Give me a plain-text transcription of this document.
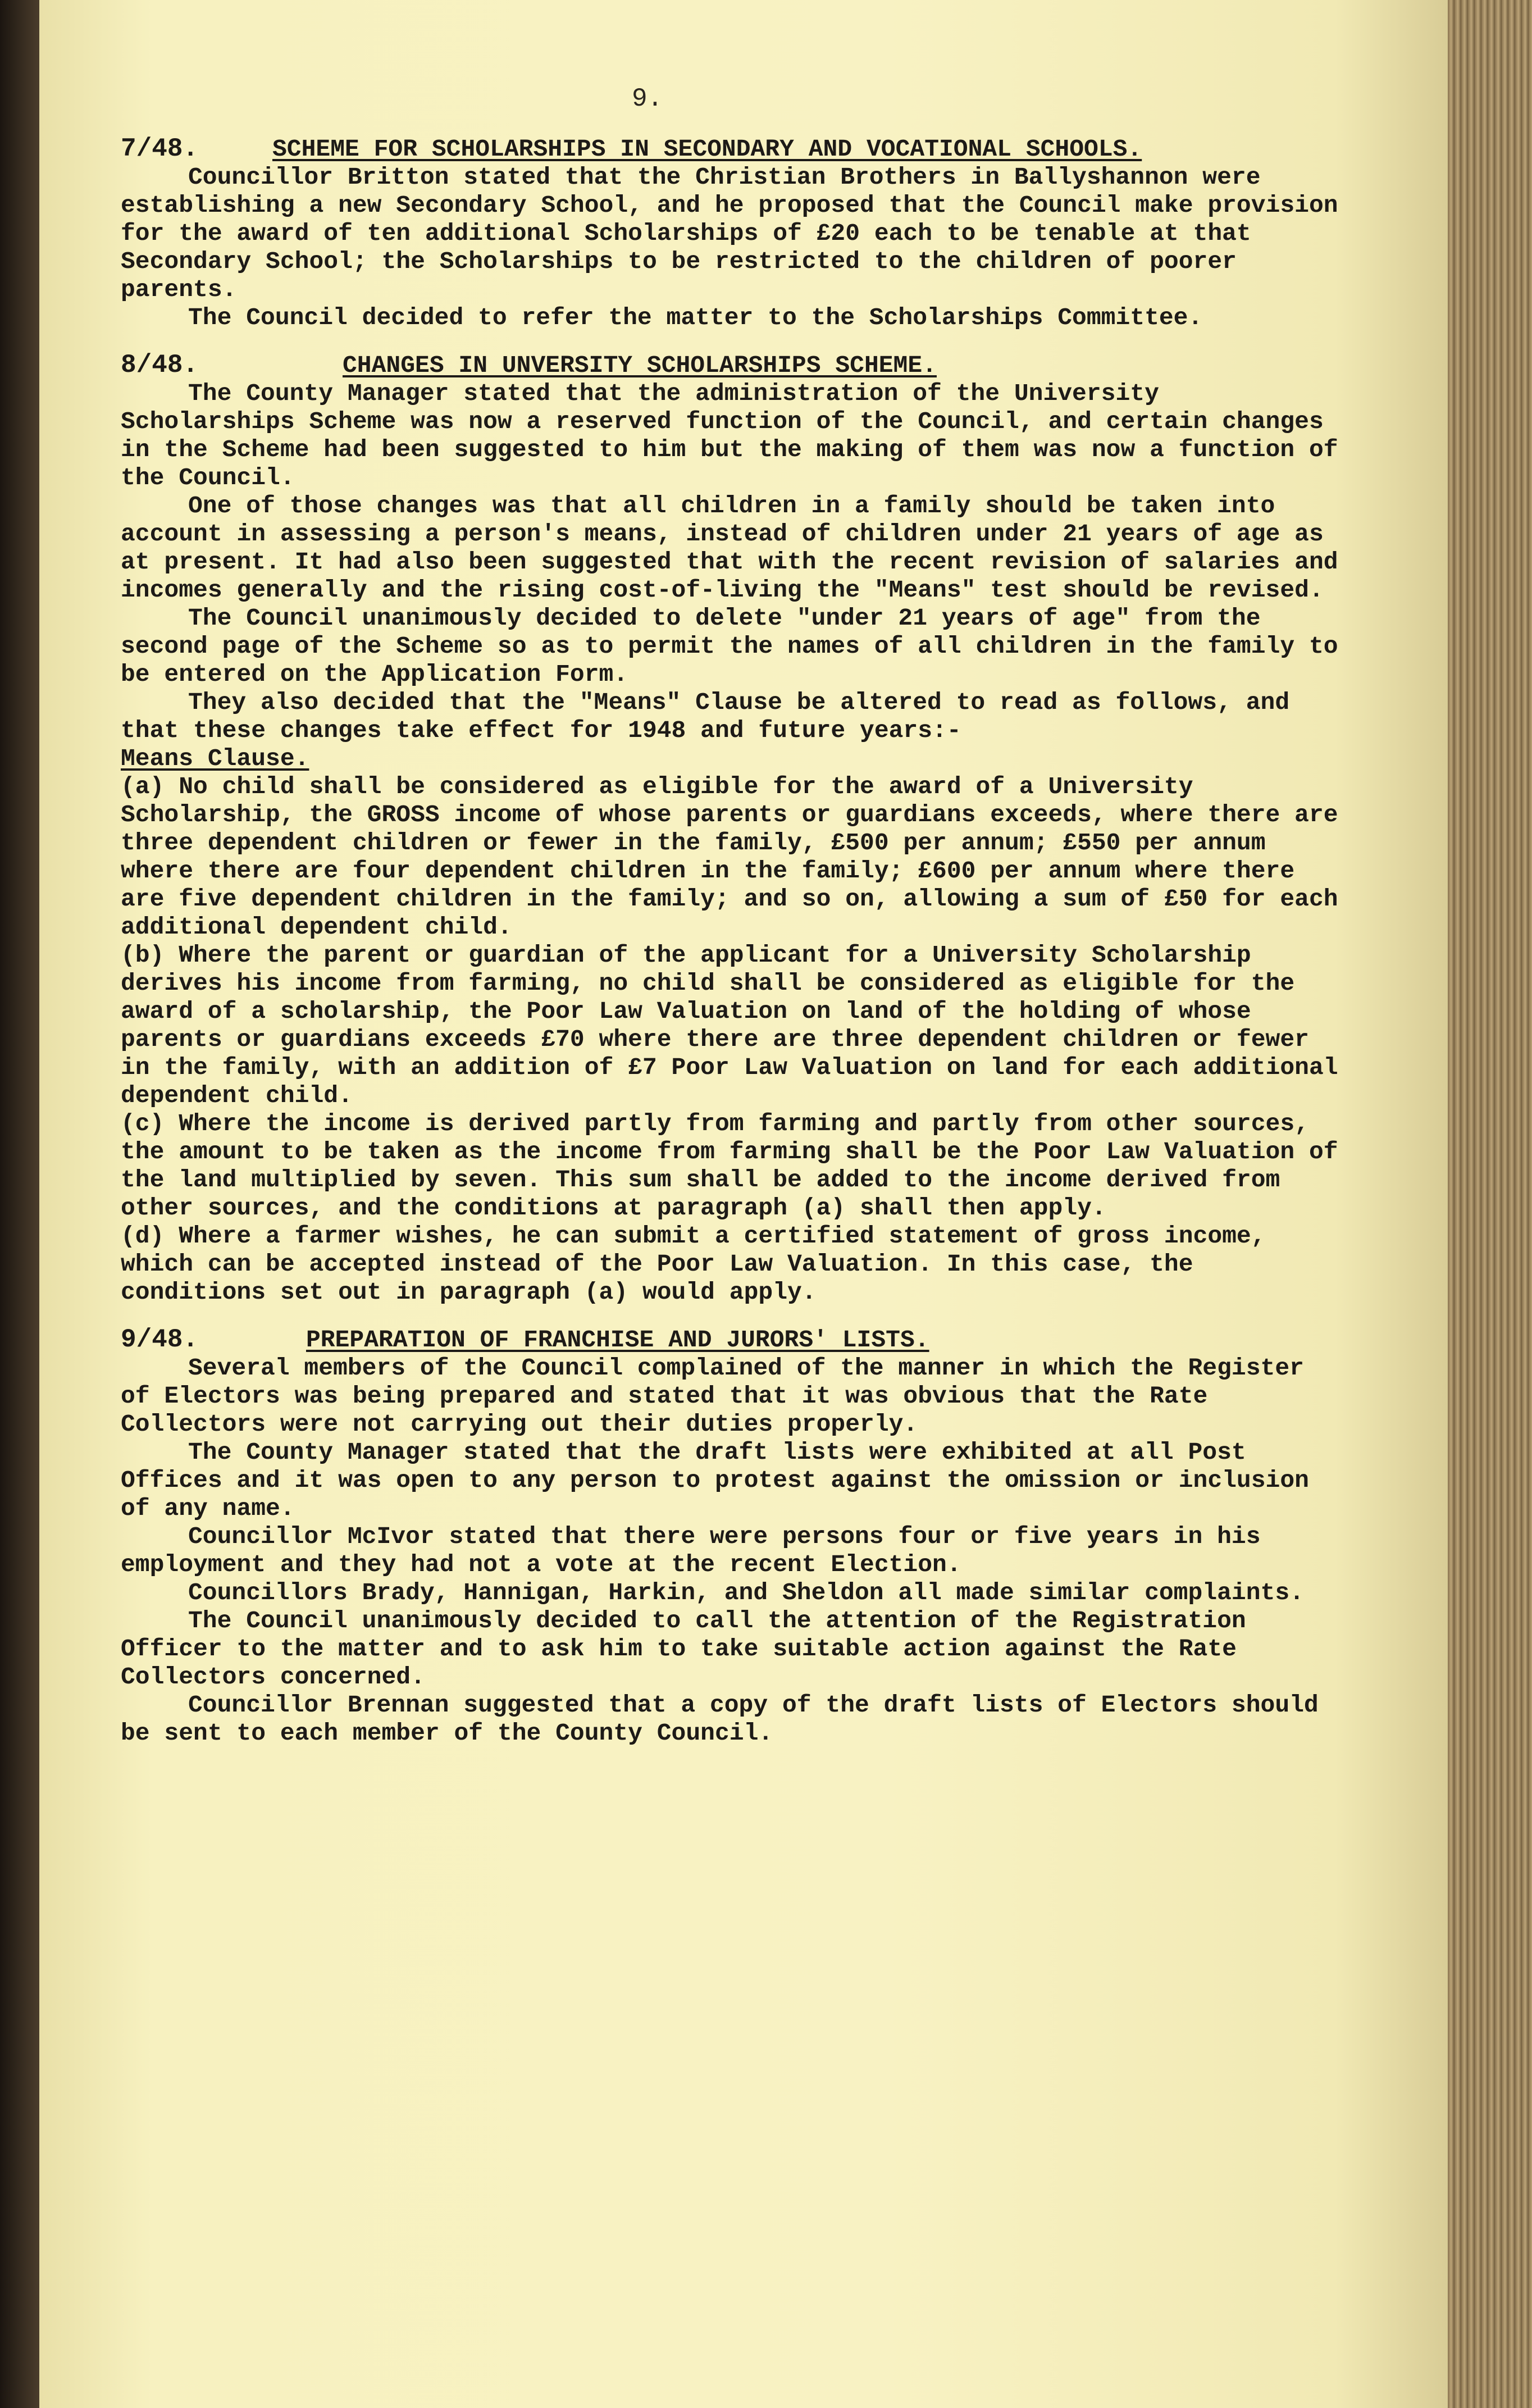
9.
7/48.	SCHEME FOR SCHOLARSHIPS IN SECONDARY AND VOCATIONAL SCHOOLS.

Councillor Britton stated that the Christian Brothers in Ballyshannon were establishing a new Secondary School, and he proposed that the Council make provision for the award of ten additional Scholarships of £20 each to be tenable at that Secondary School; the Scholarships to be restricted to the children of poorer parents.

The Council decided to refer the matter to the Scholarships Committee.

8/48.	CHANGES IN UNVERSITY SCHOLARSHIPS SCHEME.

The County Manager stated that the administration of the University Scholarships Scheme was now a reserved function of the Council, and certain changes in the Scheme had been suggested to him but the making of them was now a function of the Council.

One of those changes was that all children in a family should be taken into account in assessing a person's means, instead of children under 21 years of age as at present. It had also been suggested that with the recent revision of salaries and incomes generally and the rising cost-of-living the "Means" test should be revised.

The Council unanimously decided to delete "under 21 years of age" from the second page of the Scheme so as to permit the names of all children in the family to be entered on the Application Form.

They also decided that the "Means" Clause be altered to read as follows, and that these changes take effect for 1948 and future years:-

Means Clause.

(a) No child shall be considered as eligible for the award of a University Scholarship, the GROSS income of whose parents or guardians exceeds, where there are three dependent children or fewer in the family, £500 per annum; £550 per annum where there are four dependent children in the family; £600 per annum where there are five dependent children in the family; and so on, allowing a sum of £50 for each additional dependent child.

(b) Where the parent or guardian of the applicant for a University Scholarship derives his income from farming, no child shall be considered as eligible for the award of a scholarship, the Poor Law Valuation on land of the holding of whose parents or guardians exceeds £70 where there are three dependent children or fewer in the family, with an addition of £7 Poor Law Valuation on land for each additional dependent child.

(c) Where the income is derived partly from farming and partly from other sources, the amount to be taken as the income from farming shall be the Poor Law Valuation of the land multiplied by seven. This sum shall be added to the income derived from other sources, and the conditions at paragraph (a) shall then apply.

(d) Where a farmer wishes, he can submit a certified statement of gross income, which can be accepted instead of the Poor Law Valuation. In this case, the conditions set out in paragraph (a) would apply.

9/48.	PREPARATION OF FRANCHISE AND JURORS' LISTS.

Several members of the Council complained of the manner in which the Register of Electors was being prepared and stated that it was obvious that the Rate Collectors were not carrying out their duties properly.

The County Manager stated that the draft lists were exhibited at all Post Offices and it was open to any person to protest against the omission or inclusion of any name.

Councillor McIvor stated that there were persons four or five years in his employment and they had not a vote at the recent Election.

Councillors Brady, Hannigan, Harkin, and Sheldon all made similar complaints.

The Council unanimously decided to call the attention of the Registration Officer to the matter and to ask him to take suitable action against the Rate Collectors concerned.

Councillor Brennan suggested that a copy of the draft lists of Electors should be sent to each member of the County Council.
